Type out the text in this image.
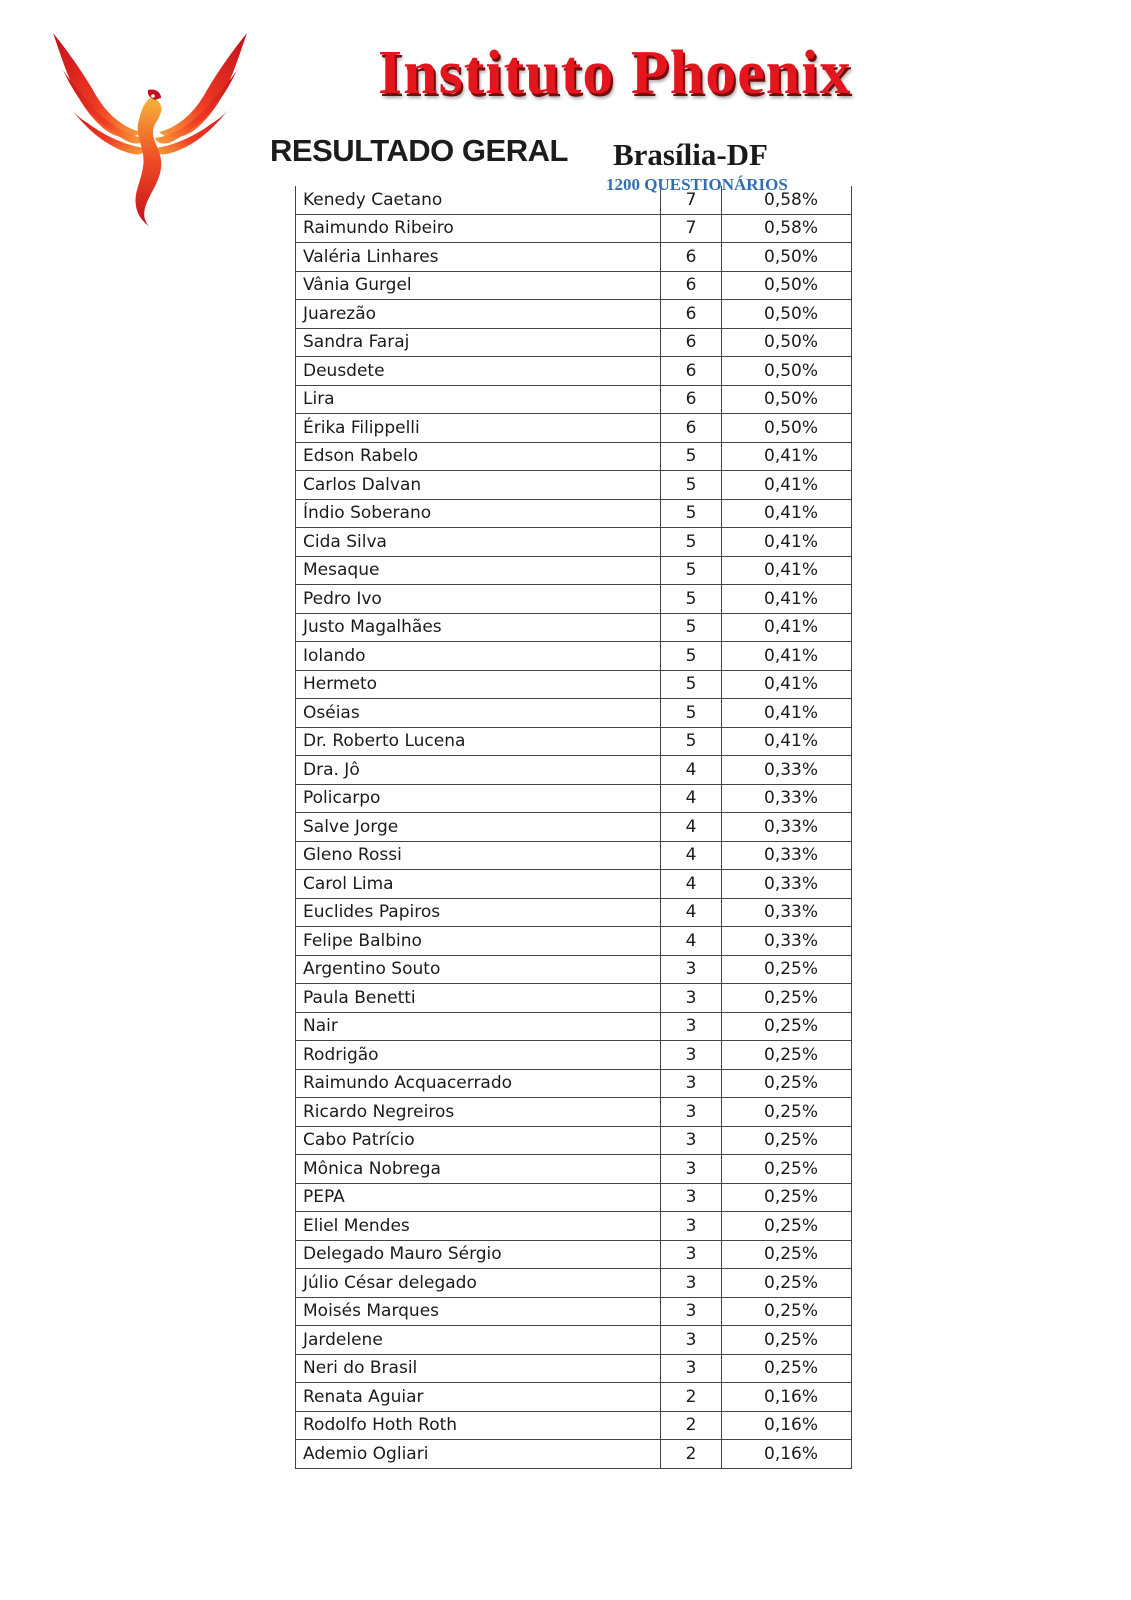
Instituto Phoenix
RESULTADO GERAL Brasília-DF
1200 QUESTIONÁRIOS
Kenedy Caetano	7	0,58%
Raimundo Ribeiro	7	0,58%
Valéria Linhares	6	0,50%
Vânia Gurgel	6	0,50%
Juarezão	6	0,50%
Sandra Faraj	6	0,50%
Deusdete	6	0,50%
Lira	6	0,50%
Érika Filippelli	6	0,50%
Edson Rabelo	5	0,41%
Carlos Dalvan	5	0,41%
Índio Soberano	5	0,41%
Cida Silva	5	0,41%
Mesaque	5	0,41%
Pedro Ivo	5	0,41%
Justo Magalhães	5	0,41%
Iolando	5	0,41%
Hermeto	5	0,41%
Oséias	5	0,41%
Dr. Roberto Lucena	5	0,41%
Dra. Jô	4	0,33%
Policarpo	4	0,33%
Salve Jorge	4	0,33%
Gleno Rossi	4	0,33%
Carol Lima	4	0,33%
Euclides Papiros	4	0,33%
Felipe Balbino	4	0,33%
Argentino Souto	3	0,25%
Paula Benetti	3	0,25%
Nair	3	0,25%
Rodrigão	3	0,25%
Raimundo Acquacerrado	3	0,25%
Ricardo Negreiros	3	0,25%
Cabo Patrício	3	0,25%
Mônica Nobrega	3	0,25%
PEPA	3	0,25%
Eliel Mendes	3	0,25%
Delegado Mauro Sérgio	3	0,25%
Júlio César delegado	3	0,25%
Moisés Marques	3	0,25%
Jardelene	3	0,25%
Neri do Brasil	3	0,25%
Renata Aguiar	2	0,16%
Rodolfo Hoth Roth	2	0,16%
Ademio Ogliari	2	0,16%
